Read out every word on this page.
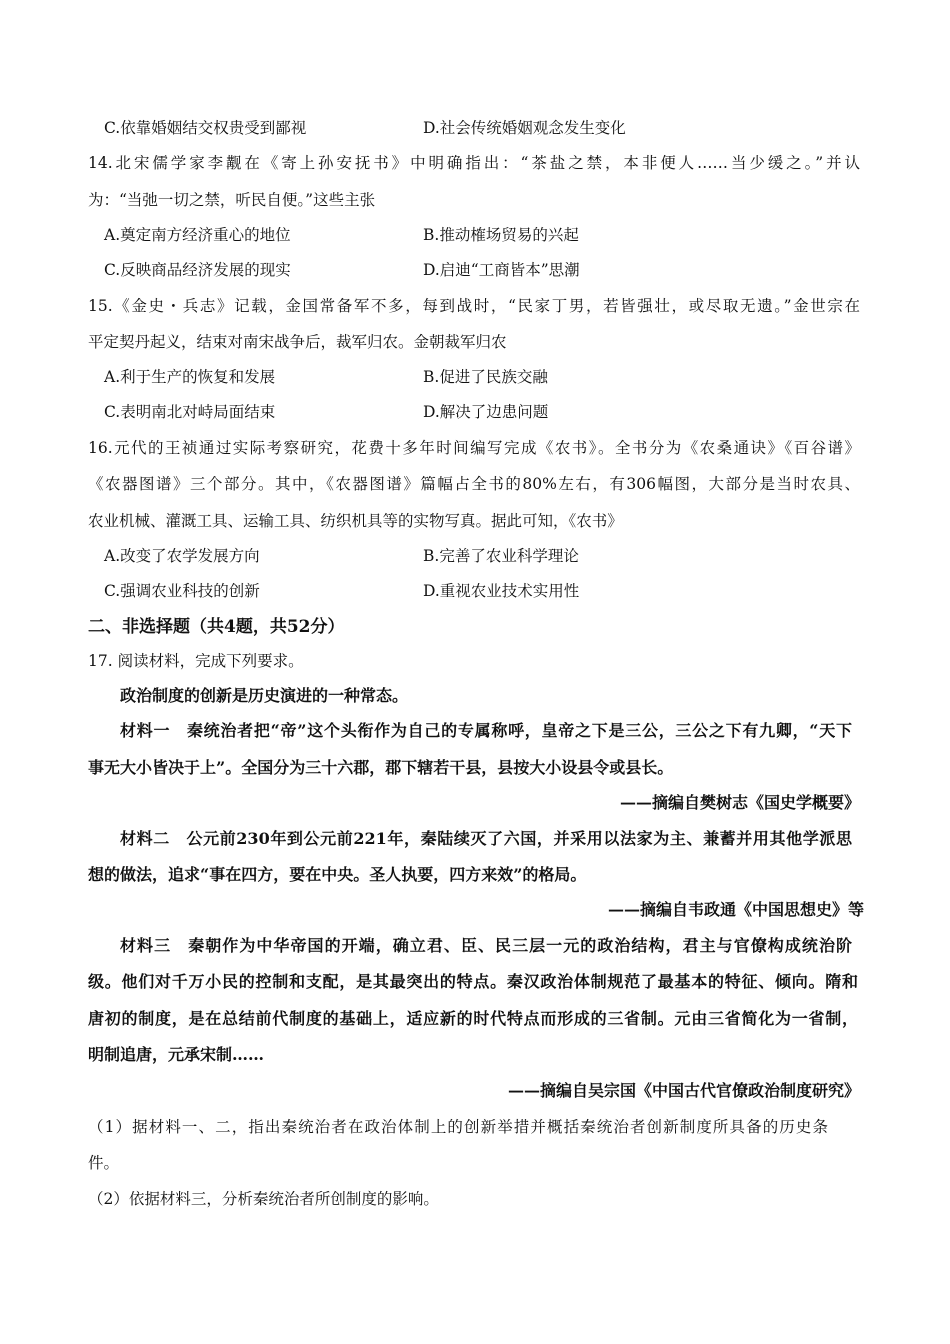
C.依靠婚姻结交权贵受到鄙视	D.社会传统婚姻观念发生变化
14.北宋儒学家李觏在《寄上孙安抚书》中明确指出：“茶盐之禁，本非便人……当少缓之。”并认
为：“当弛一切之禁，听民自便。”这些主张
A.奠定南方经济重心的地位	B.推动榷场贸易的兴起
C.反映商品经济发展的现实	D.启迪“工商皆本”思潮
15.《金史・兵志》记载，金国常备军不多，每到战时，“民家丁男，若皆强壮，或尽取无遗。”金世宗在
平定契丹起义，结束对南宋战争后，裁军归农。金朝裁军归农
A.利于生产的恢复和发展	B.促进了民族交融
C.表明南北对峙局面结束	D.解决了边患问题
16.元代的王祯通过实际考察研究，花费十多年时间编写完成《农书》。全书分为《农桑通诀》《百谷谱》
《农器图谱》三个部分。其中，《农器图谱》篇幅占全书的80%左右，有306幅图，大部分是当时农具、
农业机械、灌溉工具、运输工具、纺织机具等的实物写真。据此可知，《农书》
A.改变了农学发展方向	B.完善了农业科学理论
C.强调农业科技的创新	D.重视农业技术实用性
二、非选择题（共4题，共52分）
17. 阅读材料，完成下列要求。
政治制度的创新是历史演进的一种常态。
材料一　秦统治者把“帝”这个头衔作为自己的专属称呼，皇帝之下是三公，三公之下有九卿，“天下
事无大小皆决于上”。全国分为三十六郡，郡下辖若干县，县按大小设县令或县长。
——摘编自樊树志《国史学概要》
材料二　公元前230年到公元前221年，秦陆续灭了六国，并采用以法家为主、兼蓄并用其他学派思
想的做法，追求“事在四方，要在中央。圣人执要，四方来效”的格局。
——摘编自韦政通《中国思想史》等
材料三　秦朝作为中华帝国的开端，确立君、臣、民三层一元的政治结构，君主与官僚构成统治阶
级。他们对千万小民的控制和支配，是其最突出的特点。秦汉政治体制规范了最基本的特征、倾向。隋和
唐初的制度，是在总结前代制度的基础上，适应新的时代特点而形成的三省制。元由三省简化为一省制，
明制追唐，元承宋制……
——摘编自吴宗国《中国古代官僚政治制度研究》
（1）据材料一、二，指出秦统治者在政治体制上的创新举措并概括秦统治者创新制度所具备的历史条
件。
（2）依据材料三，分析秦统治者所创制度的影响。
